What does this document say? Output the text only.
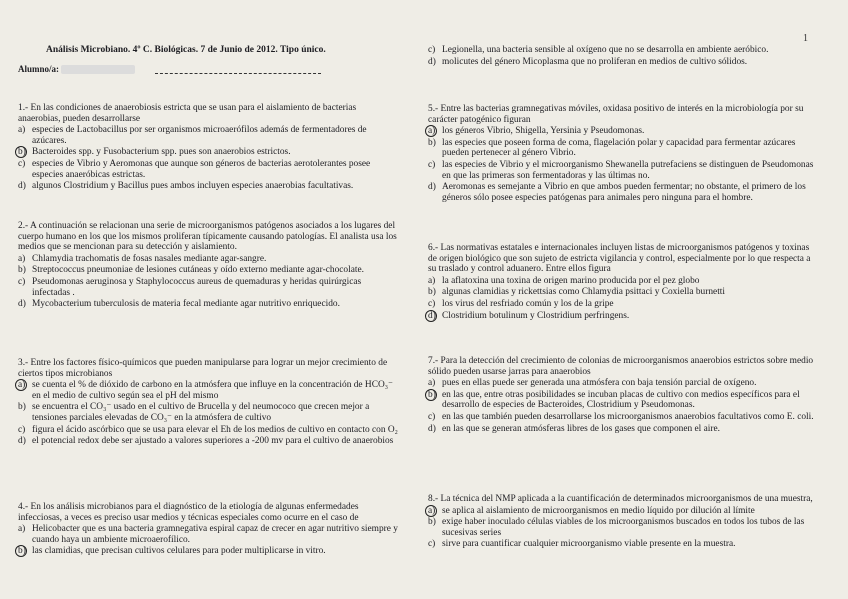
1
Análisis Microbiano. 4º C. Biológicas. 7 de Junio de 2012. Tipo único.
Alumno/a:
1.- En las condiciones de anaerobiosis estricta que se usan para el aislamiento de bacterias anaerobias, pueden desarrollarse
a) especies de Lactobacillus por ser organismos microaerófilos además de fermentadores de azúcares.
b) Bacteroides spp. y Fusobacterium spp. pues son anaerobios estrictos.
c) especies de Vibrio y Aeromonas que aunque son géneros de bacterias aerotolerantes posee especies anaeróbicas estrictas.
d) algunos Clostridium y Bacillus pues ambos incluyen especies anaerobias facultativas.
2.- A continuación se relacionan una serie de microorganismos patógenos asociados a los lugares del cuerpo humano en los que los mismos proliferan típicamente causando patologías. El analista usa los medios que se mencionan para su detección y aislamiento.
a) Chlamydia trachomatis de fosas nasales mediante agar-sangre.
b) Streptococcus pneumoniae de lesiones cutáneas y oído externo mediante agar-chocolate.
c) Pseudomonas aeruginosa y Staphylococcus aureus de quemaduras y heridas quirúrgicas infectadas .
d) Mycobacterium tuberculosis de materia fecal mediante agar nutritivo enriquecido.
3.- Entre los factores físico-químicos que pueden manipularse para lograr un mejor crecimiento de ciertos tipos microbianos
a) se cuenta el % de dióxido de carbono en la atmósfera que influye en la concentración de HCO₃⁻ en el medio de cultivo según sea el pH del mismo
b) se encuentra el CO₃⁻ usado en el cultivo de Brucella y del neumococo que crecen mejor a tensiones parciales elevadas de CO₃⁻ en la atmósfera de cultivo
c) figura el ácido ascórbico que se usa para elevar el Eh de los medios de cultivo en contacto con O₂
d) el potencial redox debe ser ajustado a valores superiores a -200 mv para el cultivo de anaerobios
4.- En los análisis microbianos para el diagnóstico de la etiología de algunas enfermedades infecciosas, a veces es preciso usar medios y técnicas especiales como ocurre en el caso de
a) Helicobacter que es una bacteria gramnegativa espiral capaz de crecer en agar nutritivo siempre y cuando haya un ambiente microaerofílico.
b) las clamidias, que precisan cultivos celulares para poder multiplicarse in vitro.
c) Legionella, una bacteria sensible al oxígeno que no se desarrolla en ambiente aeróbico.
d) molicutes del género Micoplasma que no proliferan en medios de cultivo sólidos.
5.- Entre las bacterias gramnegativas móviles, oxidasa positivo de interés en la microbiología por su carácter patogénico figuran
a) los géneros Vibrio, Shigella, Yersinia y Pseudomonas.
b) las especies que poseen forma de coma, flagelación polar y capacidad para fermentar azúcares pueden pertenecer al género Vibrio.
c) las especies de Vibrio y el microorganismo Shewanella putrefaciens se distinguen de Pseudomonas en que las primeras son fermentadoras y las últimas no.
d) Aeromonas es semejante a Vibrio en que ambos pueden fermentar; no obstante, el primero de los géneros sólo posee especies patógenas para animales pero ninguna para el hombre.
6.- Las normativas estatales e internacionales incluyen listas de microorganismos patógenos y toxinas de origen biológico que son sujeto de estricta vigilancia y control, especialmente por lo que respecta a su traslado y control aduanero. Entre ellos figura
a) la aflatoxina una toxina de origen marino producida por el pez globo
b) algunas clamidias y rickettsias como Chlamydia psittaci y Coxiella burnetti
c) los virus del resfriado común y los de la gripe
d) Clostridium botulinum y Clostridium perfringens.
7.- Para la detección del crecimiento de colonias de microorganismos anaerobios estrictos sobre medio sólido pueden usarse jarras para anaerobios
a) pues en ellas puede ser generada una atmósfera con baja tensión parcial de oxígeno.
b) en las que, entre otras posibilidades se incuban placas de cultivo con medios específicos para el desarrollo de especies de Bacteroides, Clostridium y Pseudomonas.
c) en las que también pueden desarrollarse los microorganismos anaerobios facultativos como E. coli.
d) en las que se generan atmósferas libres de los gases que componen el aire.
8.- La técnica del NMP aplicada a la cuantificación de determinados microorganismos de una muestra,
a) se aplica al aislamiento de microorganismos en medio líquido por dilución al límite
b) exige haber inoculado células viables de los microorganismos buscados en todos los tubos de las sucesivas series
c) sirve para cuantificar cualquier microorganismo viable presente en la muestra.
